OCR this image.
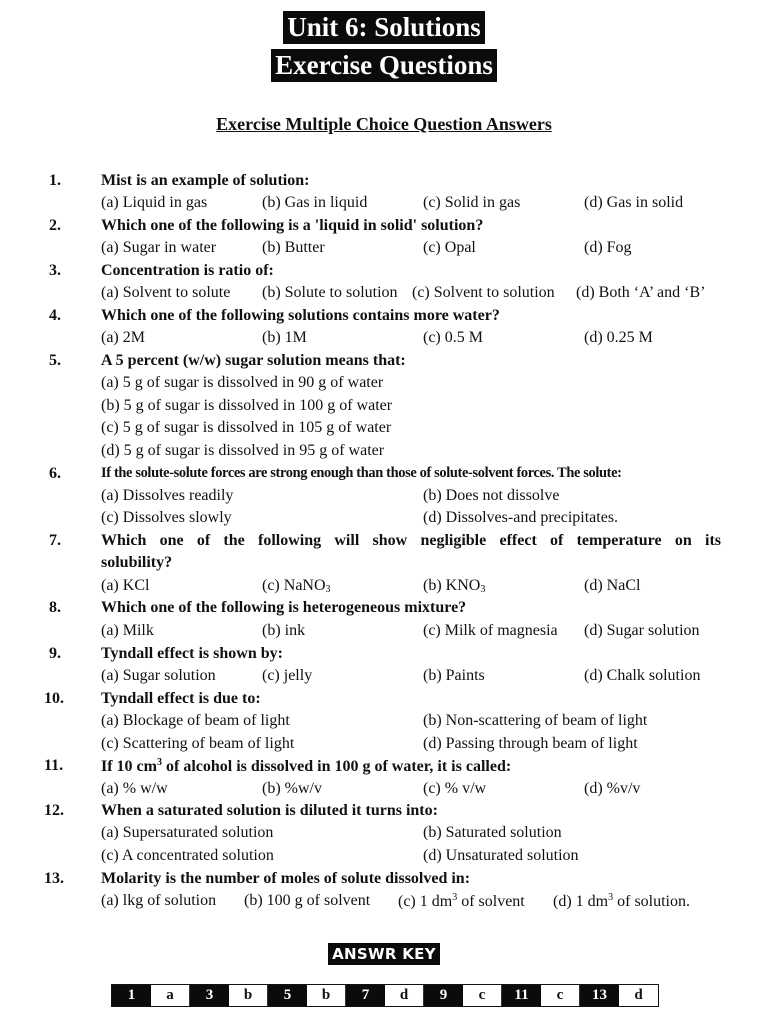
Unit 6: Solutions
Exercise Questions
Exercise Multiple Choice Question Answers
1.	Mist is an example of solution:
(a) Liquid in gas	(b) Gas in liquid	(c) Solid in gas	(d) Gas in solid
2.	Which one of the following is a 'liquid in solid' solution?
(a) Sugar in water	(b) Butter	(c) Opal	(d) Fog
3.	Concentration is ratio of:
(a) Solvent to solute (b) Solute to solution (c) Solvent to solution (d) Both ‘A’ and ‘B’
4.	Which one of the following solutions contains more water?
(a) 2M	(b) 1M	(c) 0.5 M	(d) 0.25 M
5.	A 5 percent (w/w) sugar solution means that:
(a) 5 g of sugar is dissolved in 90 g of water
(b) 5 g of sugar is dissolved in 100 g of water
(c) 5 g of sugar is dissolved in 105 g of water
(d) 5 g of sugar is dissolved in 95 g of water
6.	If the solute-solute forces are strong enough than those of solute-solvent forces. The solute:
(a) Dissolves readily	(b) Does not dissolve
(c) Dissolves slowly	(d) Dissolves-and precipitates.
7.	Which one of the following will show negligible effect of temperature on its
solubility?
(a) KCl	(c) NaNO$_3$	(b) $KNO_3$	(d) NaCl
8.	Which one of the following is heterogeneous mixture?
(a) Milk	(b) ink	(c) Milk of magnesia (d) Sugar solution
9.	Tyndall effect is shown by:
(a) Sugar solution	(c) jelly	(b) Paints	(d) Chalk solution
10. Tyndall effect is due to:
(a) Blockage of beam of light	(b) Non-scattering of beam of light
(c) Scattering of beam of light	(d) Passing through beam of light
11. If 10 $cm^3$ of alcohol is dissolved in 100 g of water, it is called:
(a) % w/w	(b) %w/v	(c) % v/w	(d) %v/v
12. When a saturated solution is diluted it turns into:
(a) Supersaturated solution	(b) Saturated solution
(c) A concentrated solution	(d) Unsaturated solution
13. Molarity is the number of moles of solute dissolved in:
(a) lkg of solution (b) 100 g of solvent (c) 1 $dm^3$ of solvent (d) 1 $dm^3$ of solution.
ANSWR KEY
1	a	3	b	5	b	7	d	9	c	11	c	13	d
